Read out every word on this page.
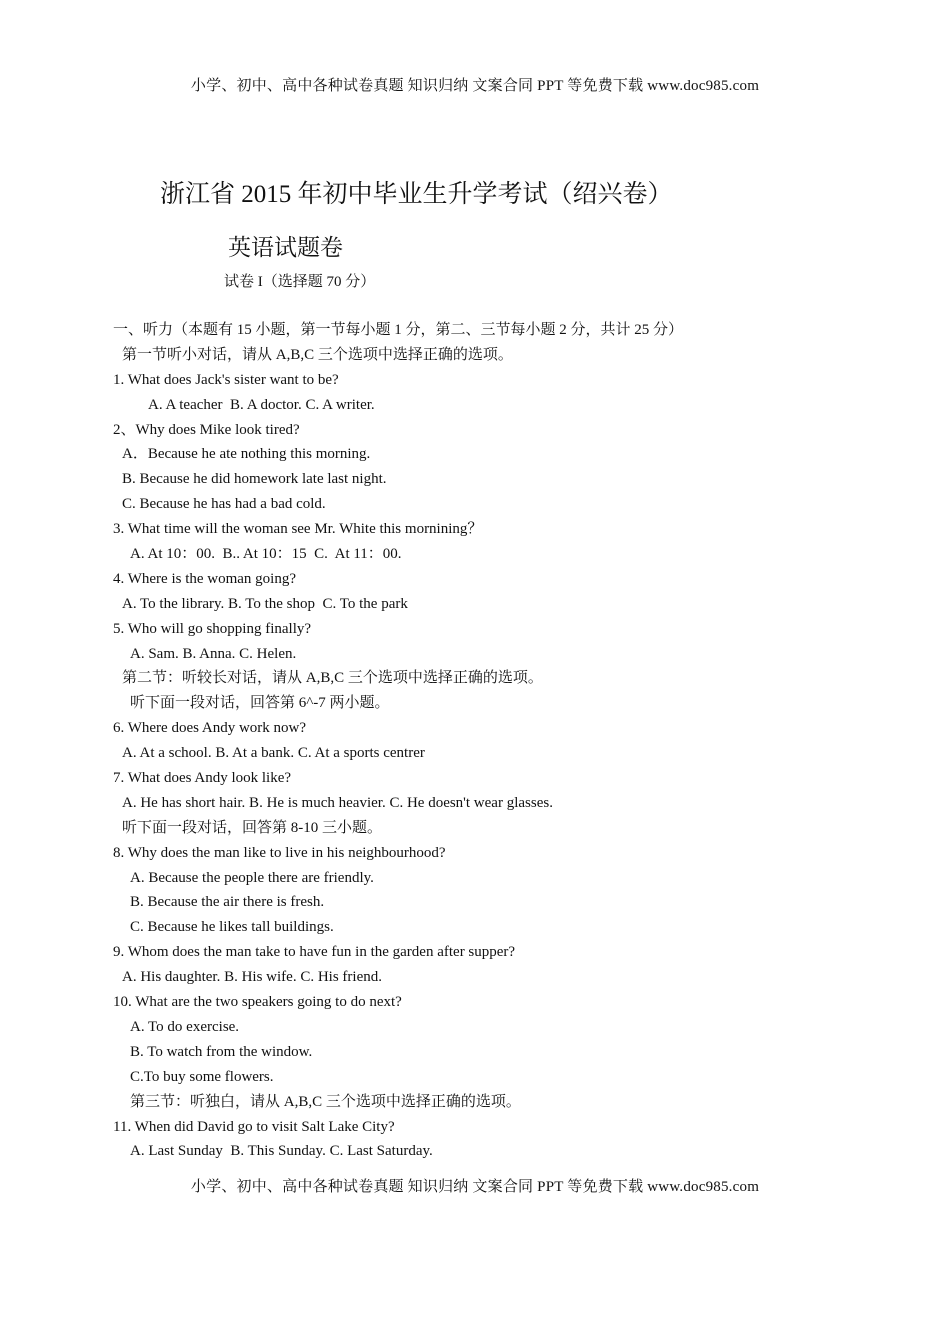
小学、初中、高中各种试卷真题 知识归纳 文案合同 PPT 等免费下载 www.doc985.com
浙江省 2015 年初中毕业生升学考试（绍兴卷）
英语试题卷
试卷 I（选择题 70 分）
一、听力（本题有 15 小题，第一节每小题 1 分，第二、三节每小题 2 分，共计 25 分）
第一节听小对话，请从 A,B,C 三个选项中选择正确的选项。
1. What does Jack's sister want to be?
A. A teacher  B. A doctor. C. A writer.
2、Why does Mike look tired?
A．Because he ate nothing this morning.
B. Because he did homework late last night.
C. Because he has had a bad cold.
3. What time will the woman see Mr. White this mornining？
A. At 10：00.  B.. At 10：15  C.  At 11：00.
4. Where is the woman going?
A. To the library. B. To the shop  C. To the park
5. Who will go shopping finally?
A. Sam. B. Anna. C. Helen.
第二节：听较长对话，请从 A,B,C 三个选项中选择正确的选项。
听下面一段对话，回答第 6^-7 两小题。
6. Where does Andy work now?
A. At a school. B. At a bank. C. At a sports centrer
7. What does Andy look like?
A. He has short hair. B. He is much heavier. C. He doesn't wear glasses.
听下面一段对话，回答第 8-10 三小题。
8. Why does the man like to live in his neighbourhood?
A. Because the people there are friendly.
B. Because the air there is fresh.
C. Because he likes tall buildings.
9. Whom does the man take to have fun in the garden after supper?
A. His daughter. B. His wife. C. His friend.
10. What are the two speakers going to do next?
A. To do exercise.
B. To watch from the window.
C.To buy some flowers.
第三节：听独白，请从 A,B,C 三个选项中选择正确的选项。
11. When did David go to visit Salt Lake City?
A. Last Sunday  B. This Sunday. C. Last Saturday.
小学、初中、高中各种试卷真题 知识归纳 文案合同 PPT 等免费下载 www.doc985.com
